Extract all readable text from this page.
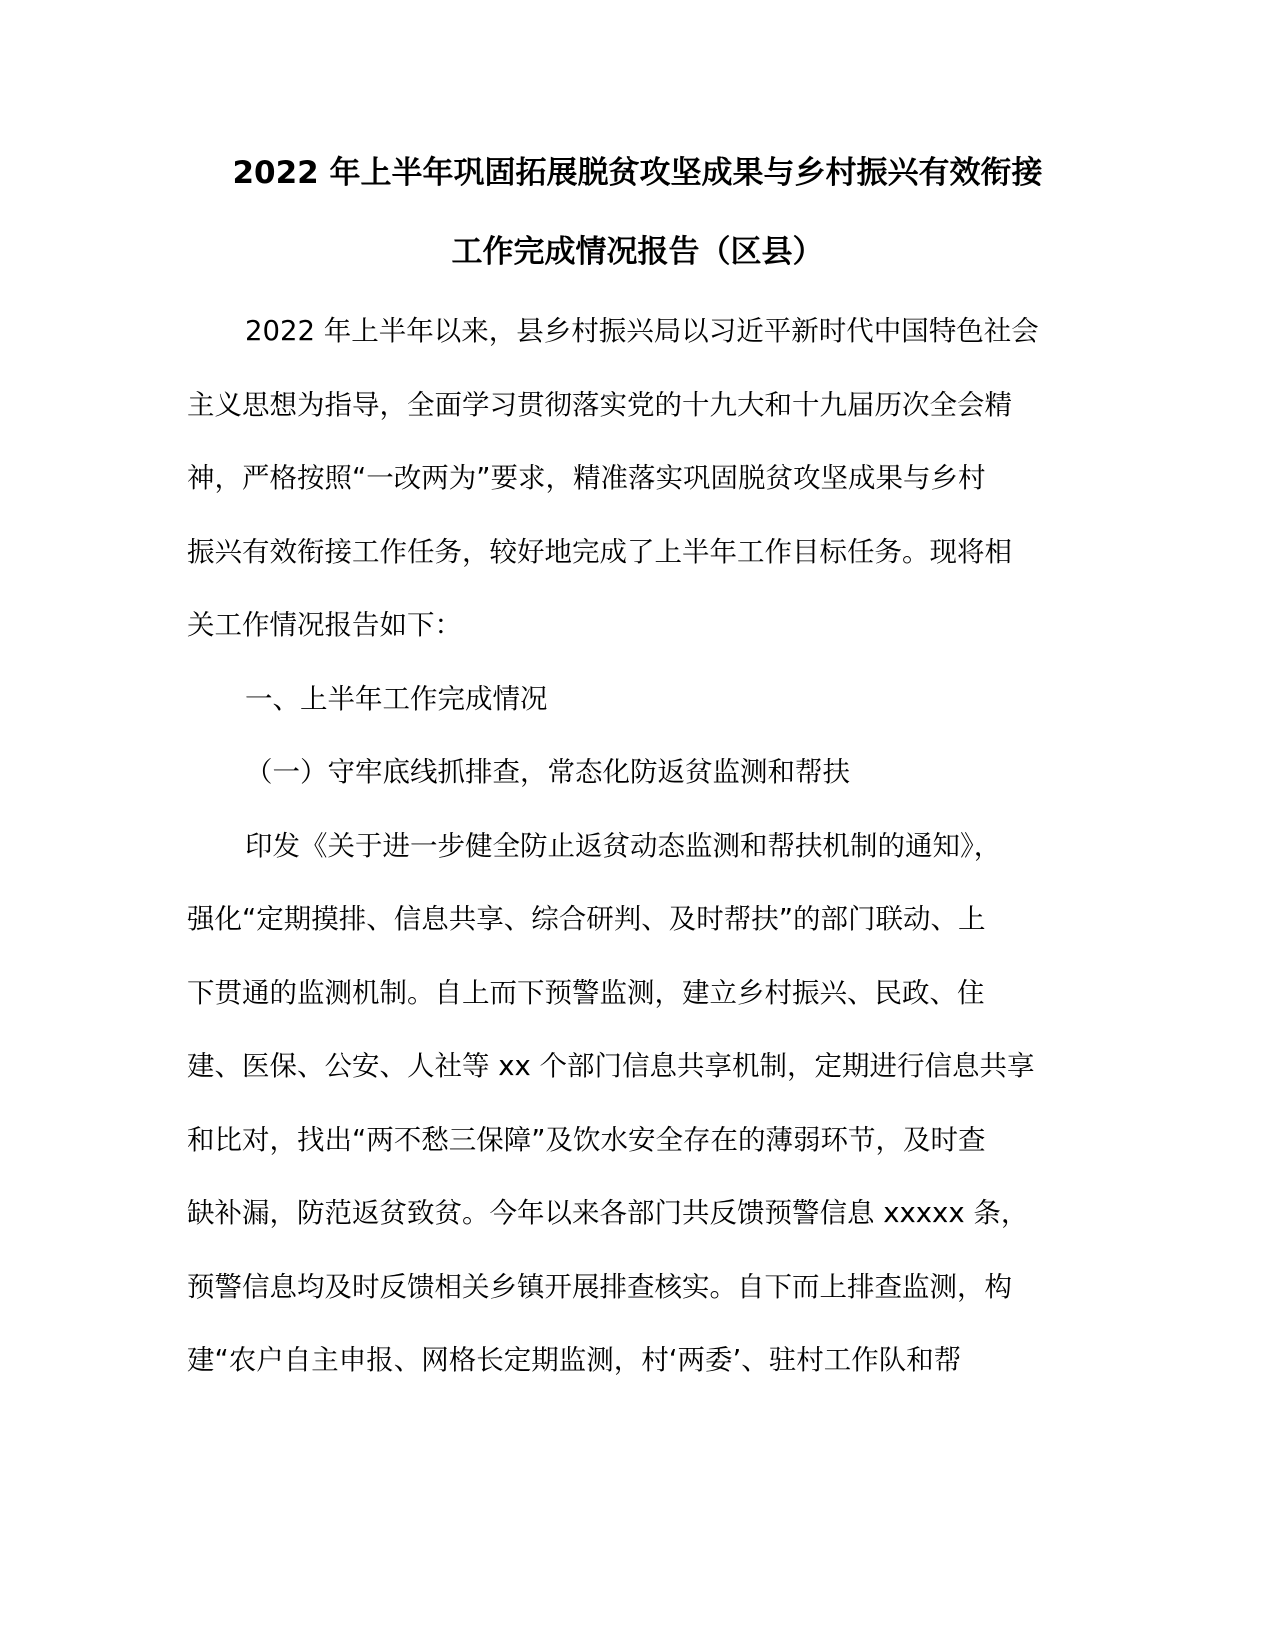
2022 年上半年巩固拓展脱贫攻坚成果与乡村振兴有效衔接
工作完成情况报告（区县）
2022 年上半年以来，县乡村振兴局以习近平新时代中国特色社会
主义思想为指导，全面学习贯彻落实党的十九大和十九届历次全会精
神，严格按照“一改两为”要求，精准落实巩固脱贫攻坚成果与乡村
振兴有效衔接工作任务，较好地完成了上半年工作目标任务。现将相
关工作情况报告如下：
一、上半年工作完成情况
（一）守牢底线抓排查，常态化防返贫监测和帮扶
印发《关于进一步健全防止返贫动态监测和帮扶机制的通知》，
强化“定期摸排、信息共享、综合研判、及时帮扶”的部门联动、上
下贯通的监测机制。自上而下预警监测，建立乡村振兴、民政、住
建、医保、公安、人社等 xx 个部门信息共享机制，定期进行信息共享
和比对，找出“两不愁三保障”及饮水安全存在的薄弱环节，及时查
缺补漏，防范返贫致贫。今年以来各部门共反馈预警信息 xxxxx 条，
预警信息均及时反馈相关乡镇开展排查核实。自下而上排查监测，构
建“农户自主申报、网格长定期监测，村‘两委’、驻村工作队和帮
